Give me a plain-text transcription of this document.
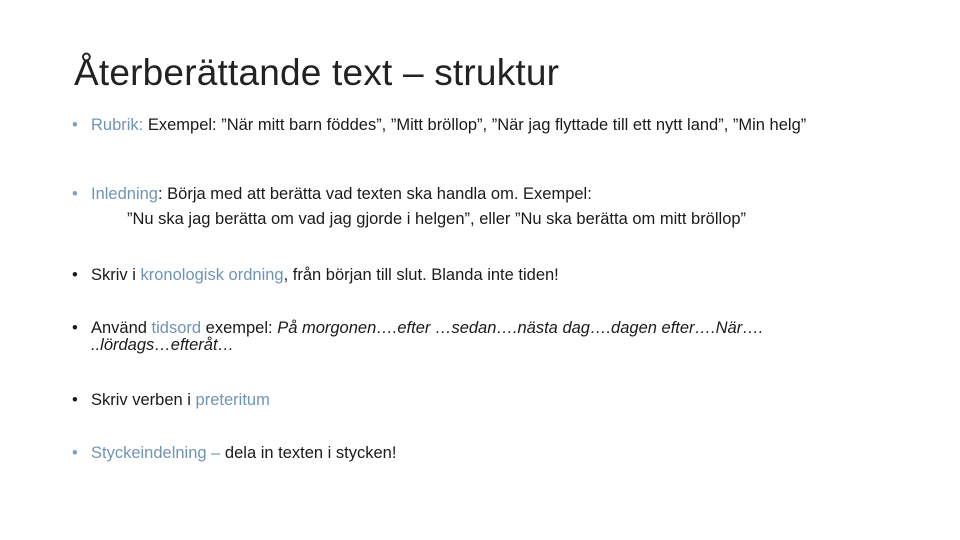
Återberättande text – struktur
• Rubrik: Exempel: ”När mitt barn föddes”, ”Mitt bröllop”, ”När jag flyttade till ett nytt land”, ”Min helg”
• Inledning: Börja med att berätta vad texten ska handla om. Exempel:
”Nu ska jag berätta om vad jag gjorde i helgen”, eller ”Nu ska berätta om mitt bröllop”
• Skriv i kronologisk ordning, från början till slut. Blanda inte tiden!
• Använd tidsord exempel: På morgonen….efter …sedan….nästa dag….dagen efter….När….
..lördags…efteråt…
• Skriv verben i preteritum
• Styckeindelning – dela in texten i stycken!
